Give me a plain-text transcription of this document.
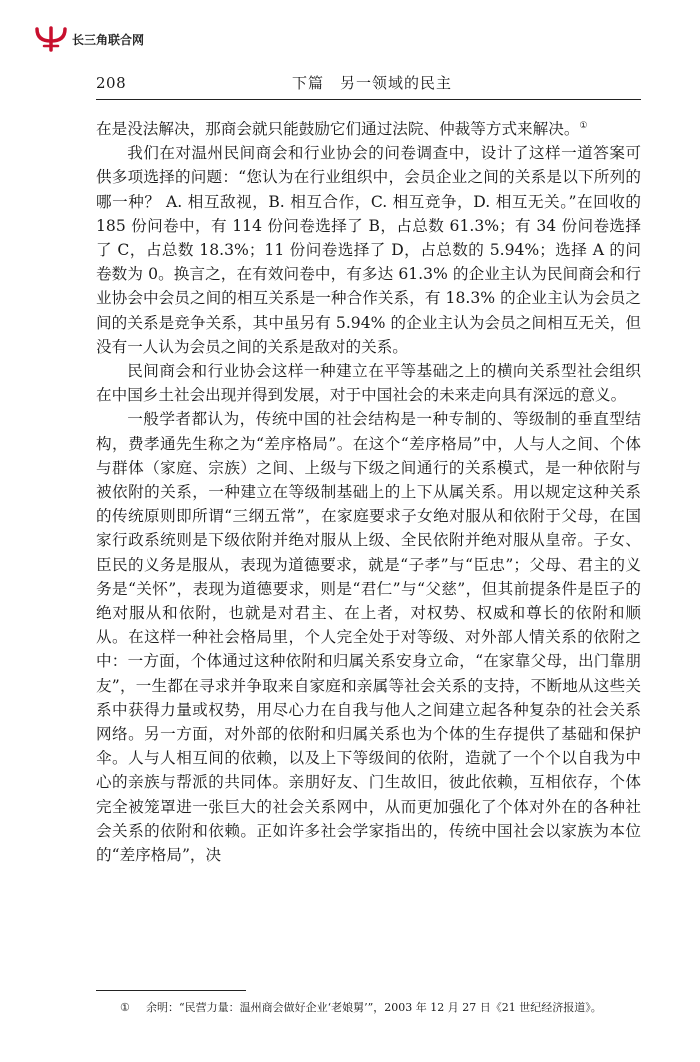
长三角联合网
208	下篇　另一领域的民主

在是没法解决，那商会就只能鼓励它们通过法院、仲裁等方式来解决。①

我们在对温州民间商会和行业协会的问卷调查中，设计了这样一道答案可供多项选择的问题：“您认为在行业组织中，会员企业之间的关系是以下所列的哪一种？ A. 相互敌视，B. 相互合作，C. 相互竞争，D. 相互无关。”在回收的 185 份问卷中，有 114 份问卷选择了 B，占总数 61.3%；有 34 份问卷选择了 C，占总数 18.3%；11 份问卷选择了 D，占总数的 5.94%；选择 A 的问卷数为 0。换言之，在有效问卷中，有多达 61.3% 的企业主认为民间商会和行业协会中会员之间的相互关系是一种合作关系，有 18.3% 的企业主认为会员之间的关系是竞争关系，其中虽另有 5.94% 的企业主认为会员之间相互无关，但没有一人认为会员之间的关系是敌对的关系。

民间商会和行业协会这样一种建立在平等基础之上的横向关系型社会组织在中国乡土社会出现并得到发展，对于中国社会的未来走向具有深远的意义。

一般学者都认为，传统中国的社会结构是一种专制的、等级制的垂直型结构，费孝通先生称之为“差序格局”。在这个“差序格局”中，人与人之间、个体与群体（家庭、宗族）之间、上级与下级之间通行的关系模式，是一种依附与被依附的关系，一种建立在等级制基础上的上下从属关系。用以规定这种关系的传统原则即所谓“三纲五常”，在家庭要求子女绝对服从和依附于父母，在国家行政系统则是下级依附并绝对服从上级、全民依附并绝对服从皇帝。子女、臣民的义务是服从，表现为道德要求，就是“子孝”与“臣忠”；父母、君主的义务是“关怀”，表现为道德要求，则是“君仁”与“父慈”，但其前提条件是臣子的绝对服从和依附，也就是对君主、在上者，对权势、权威和尊长的依附和顺从。在这样一种社会格局里，个人完全处于对等级、对外部人情关系的依附之中：一方面，个体通过这种依附和归属关系安身立命，“在家靠父母，出门靠朋友”，一生都在寻求并争取来自家庭和亲属等社会关系的支持，不断地从这些关系中获得力量或权势，用尽心力在自我与他人之间建立起各种复杂的社会关系网络。另一方面，对外部的依附和归属关系也为个体的生存提供了基础和保护伞。人与人相互间的依赖，以及上下等级间的依附，造就了一个个以自我为中心的亲族与帮派的共同体。亲朋好友、门生故旧，彼此依赖，互相依存，个体完全被笼罩进一张巨大的社会关系网中，从而更加强化了个体对外在的各种社会关系的依附和依赖。正如许多社会学家指出的，传统中国社会以家族为本位的“差序格局”，决

① 余明：“民营力量：温州商会做好企业‘老娘舅’”，2003 年 12 月 27 日《21 世纪经济报道》。
